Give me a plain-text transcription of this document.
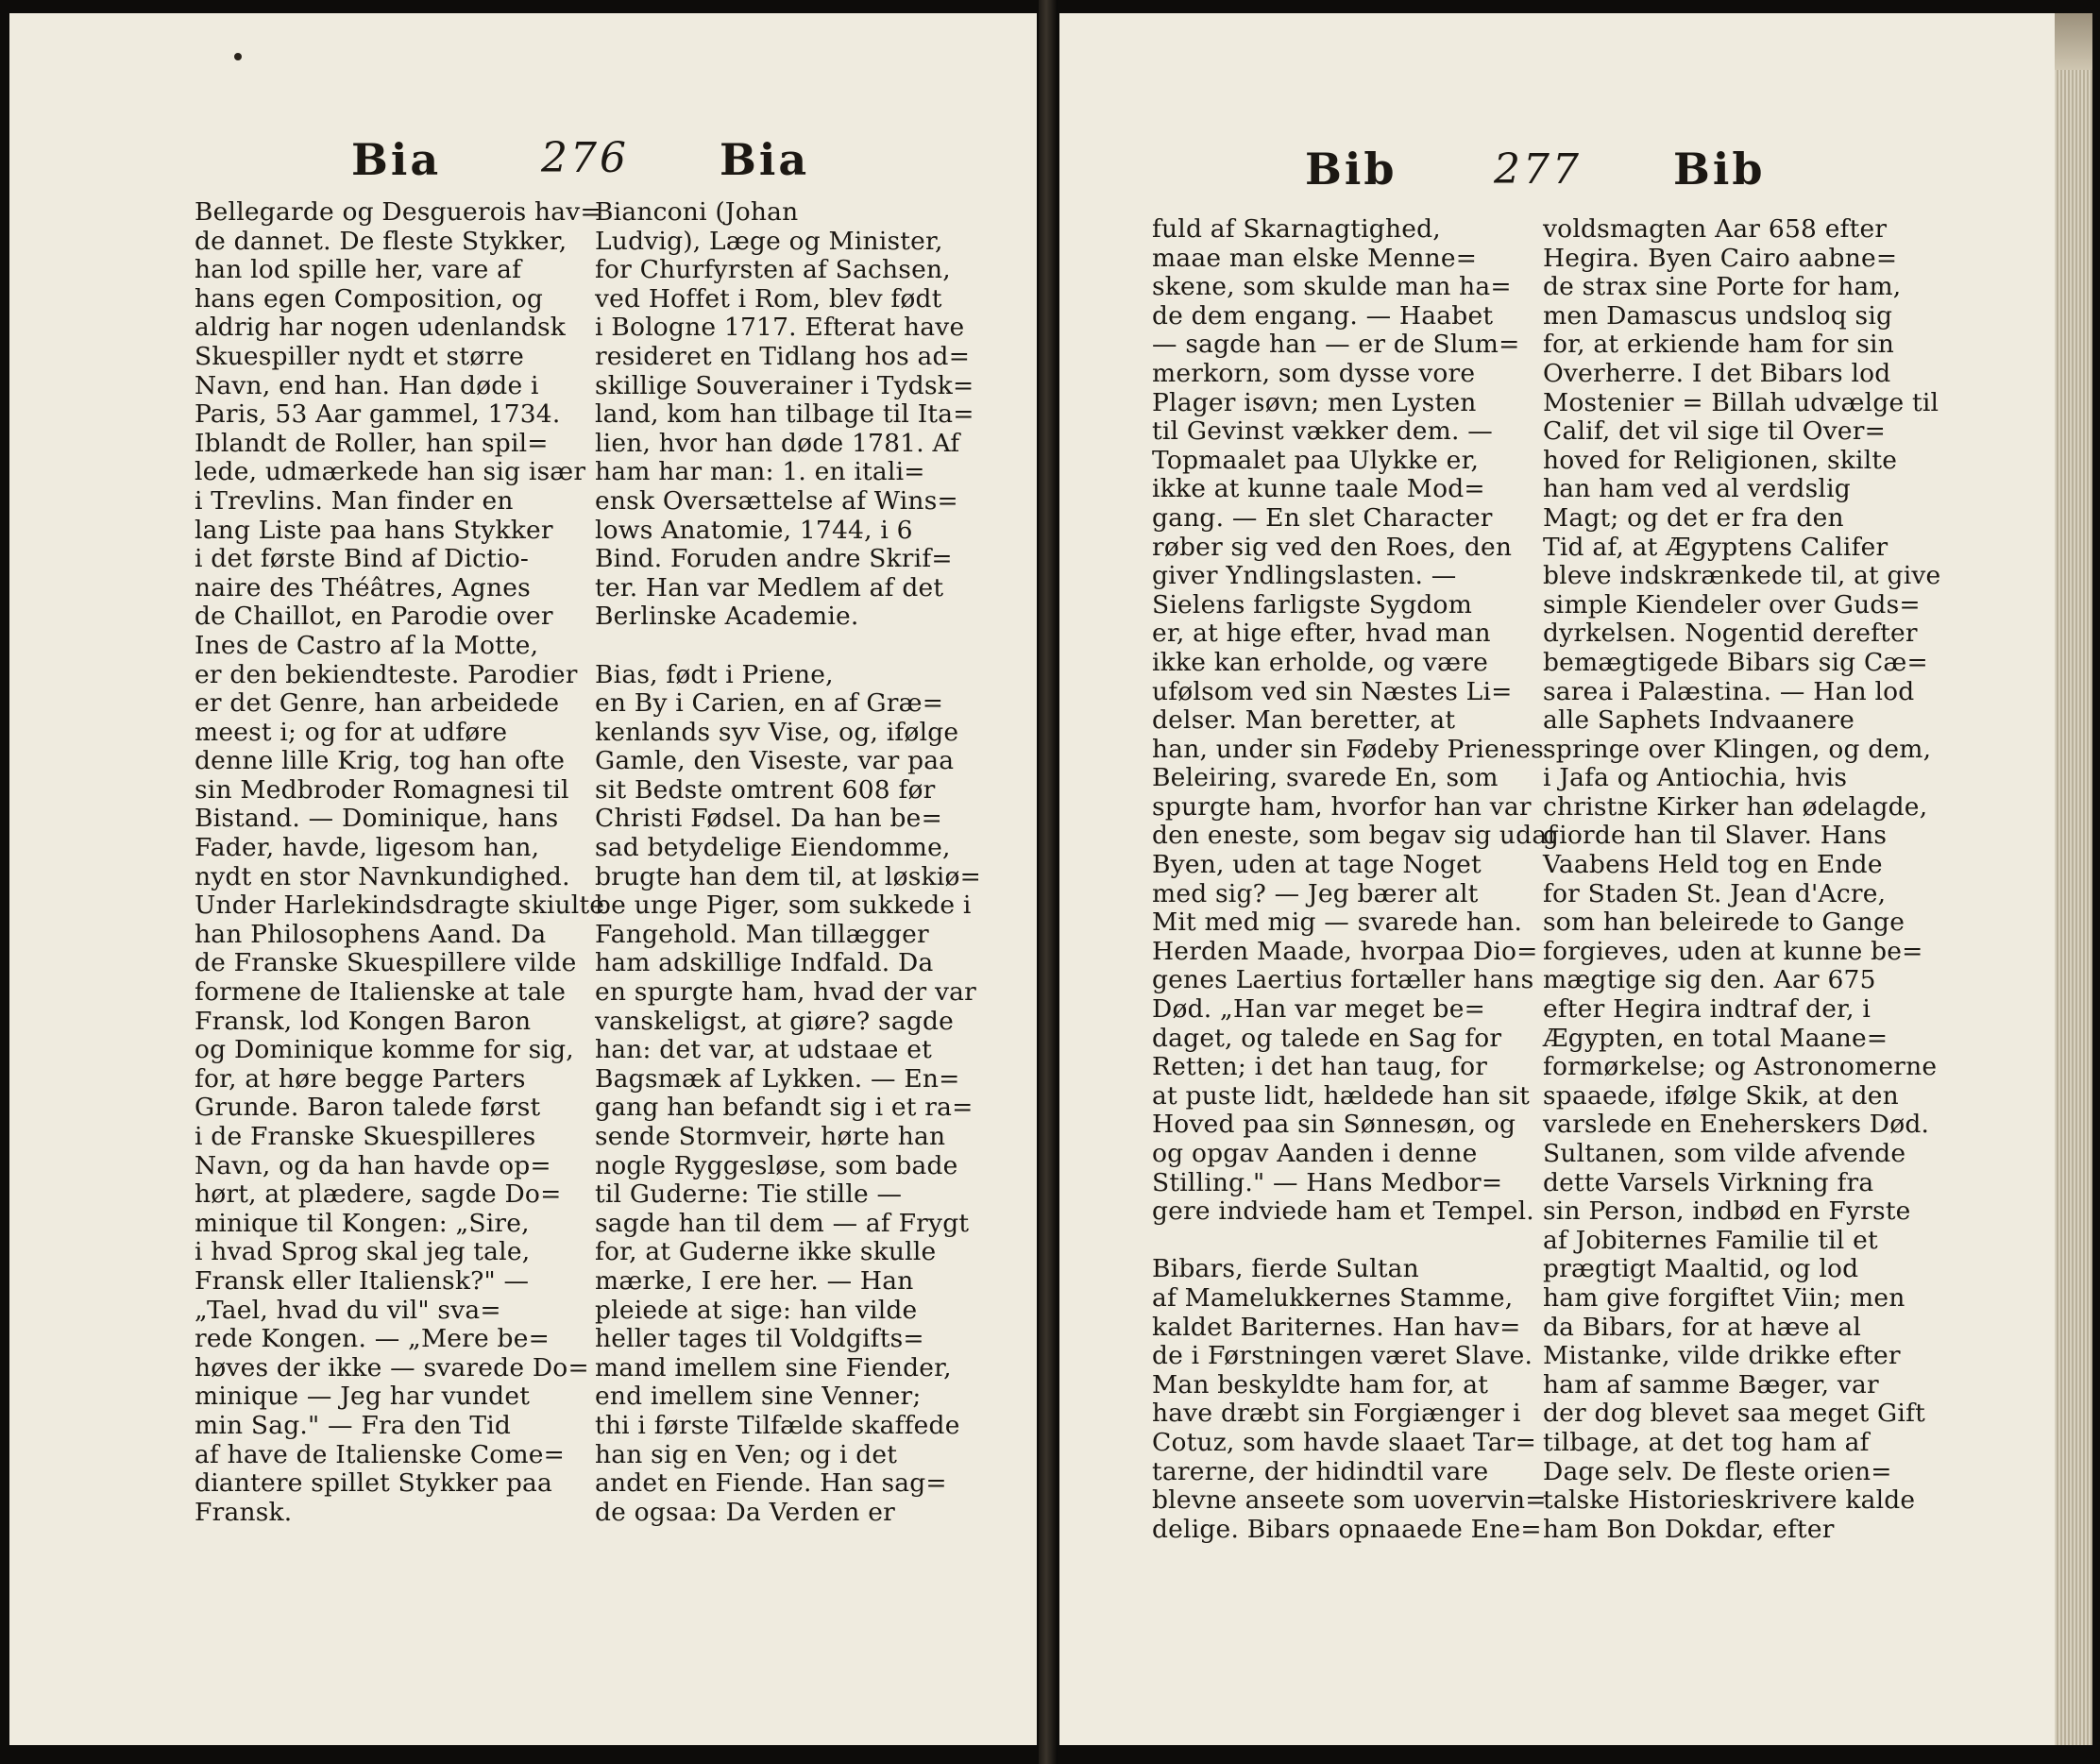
Bia 276 Bia
Bellegarde og Desguerois hav=
de dannet. De fleste Stykker,
han lod spille her, vare af
hans egen Composition, og
aldrig har nogen udenlandsk
Skuespiller nydt et større
Navn, end han. Han døde i
Paris, 53 Aar gammel, 1734.
Iblandt de Roller, han spil=
lede, udmærkede han sig især
i Trevlins. Man finder en
lang Liste paa hans Stykker
i det første Bind af Dictio-
naire des Théâtres, Agnes
de Chaillot, en Parodie over
Ines de Castro af la Motte,
er den bekiendteste. Parodier
er det Genre, han arbeidede
meest i; og for at udføre
denne lille Krig, tog han ofte
sin Medbroder Romagnesi til
Bistand. — Dominique, hans
Fader, havde, ligesom han,
nydt en stor Navnkundighed.
Under Harlekindsdragte skiulte
han Philosophens Aand. Da
de Franske Skuespillere vilde
formene de Italienske at tale
Fransk, lod Kongen Baron
og Dominique komme for sig,
for, at høre begge Parters
Grunde. Baron talede først
i de Franske Skuespilleres
Navn, og da han havde op=
hørt, at plædere, sagde Do=
minique til Kongen: „Sire,
i hvad Sprog skal jeg tale,
Fransk eller Italiensk?" —
„Tael, hvad du vil" sva=
rede Kongen. — „Mere be=
høves der ikke — svarede Do=
minique — Jeg har vundet
min Sag." — Fra den Tid
af have de Italienske Come=
diantere spillet Stykker paa
Fransk.
Bianconi (Johan
Ludvig), Læge og Minister,
for Churfyrsten af Sachsen,
ved Hoffet i Rom, blev født
i Bologne 1717. Efterat have
resideret en Tidlang hos ad=
skillige Souverainer i Tydsk=
land, kom han tilbage til Ita=
lien, hvor han døde 1781. Af
ham har man: 1. en itali=
ensk Oversættelse af Wins=
lows Anatomie, 1744, i 6
Bind. Foruden andre Skrif=
ter. Han var Medlem af det
Berlinske Academie.

Bias, født i Priene,
en By i Carien, en af Græ=
kenlands syv Vise, og, ifølge
Gamle, den Viseste, var paa
sit Bedste omtrent 608 før
Christi Fødsel. Da han be=
sad betydelige Eiendomme,
brugte han dem til, at løskiø=
be unge Piger, som sukkede i
Fangehold. Man tillægger
ham adskillige Indfald. Da
en spurgte ham, hvad der var
vanskeligst, at giøre? sagde
han: det var, at udstaae et
Bagsmæk af Lykken. — En=
gang han befandt sig i et ra=
sende Stormveir, hørte han
nogle Ryggesløse, som bade
til Guderne: Tie stille —
sagde han til dem — af Frygt
for, at Guderne ikke skulle
mærke, I ere her. — Han
pleiede at sige: han vilde
heller tages til Voldgifts=
mand imellem sine Fiender,
end imellem sine Venner;
thi i første Tilfælde skaffede
han sig en Ven; og i det
andet en Fiende. Han sag=
de ogsaa: Da Verden er
Bib 277 Bib
fuld af Skarnagtighed,
maae man elske Menne=
skene, som skulde man ha=
de dem engang. — Haabet
— sagde han — er de Slum=
merkorn, som dysse vore
Plager isøvn; men Lysten
til Gevinst vækker dem. —
Topmaalet paa Ulykke er,
ikke at kunne taale Mod=
gang. — En slet Character
røber sig ved den Roes, den
giver Yndlingslasten. —
Sielens farligste Sygdom
er, at hige efter, hvad man
ikke kan erholde, og være
ufølsom ved sin Næstes Li=
delser. Man beretter, at
han, under sin Fødeby Prienes
Beleiring, svarede En, som
spurgte ham, hvorfor han var
den eneste, som begav sig udaf
Byen, uden at tage Noget
med sig? — Jeg bærer alt
Mit med mig — svarede han.
Herden Maade, hvorpaa Dio=
genes Laertius fortæller hans
Død. „Han var meget be=
daget, og talede en Sag for
Retten; i det han taug, for
at puste lidt, hældede han sit
Hoved paa sin Sønnesøn, og
og opgav Aanden i denne
Stilling." — Hans Medbor=
gere indviede ham et Tempel.

Bibars, fierde Sultan
af Mamelukkernes Stamme,
kaldet Bariternes. Han hav=
de i Førstningen været Slave.
Man beskyldte ham for, at
have dræbt sin Forgiænger i
Cotuz, som havde slaaet Tar=
tarerne, der hidindtil vare
blevne anseete som uovervin=
delige. Bibars opnaaede Ene=
voldsmagten Aar 658 efter
Hegira. Byen Cairo aabne=
de strax sine Porte for ham,
men Damascus undsloq sig
for, at erkiende ham for sin
Overherre. I det Bibars lod
Mostenier = Billah udvælge til
Calif, det vil sige til Over=
hoved for Religionen, skilte
han ham ved al verdslig
Magt; og det er fra den
Tid af, at Ægyptens Califer
bleve indskrænkede til, at give
simple Kiendeler over Guds=
dyrkelsen. Nogentid derefter
bemægtigede Bibars sig Cæ=
sarea i Palæstina. — Han lod
alle Saphets Indvaanere
springe over Klingen, og dem,
i Jafa og Antiochia, hvis
christne Kirker han ødelagde,
giorde han til Slaver. Hans
Vaabens Held tog en Ende
for Staden St. Jean d'Acre,
som han beleirede to Gange
forgieves, uden at kunne be=
mægtige sig den. Aar 675
efter Hegira indtraf der, i
Ægypten, en total Maane=
formørkelse; og Astronomerne
spaaede, ifølge Skik, at den
varslede en Eneherskers Død.
Sultanen, som vilde afvende
dette Varsels Virkning fra
sin Person, indbød en Fyrste
af Jobiternes Familie til et
prægtigt Maaltid, og lod
ham give forgiftet Viin; men
da Bibars, for at hæve al
Mistanke, vilde drikke efter
ham af samme Bæger, var
der dog blevet saa meget Gift
tilbage, at det tog ham af
Dage selv. De fleste orien=
talske Historieskrivere kalde
ham Bon Dokdar, efter
